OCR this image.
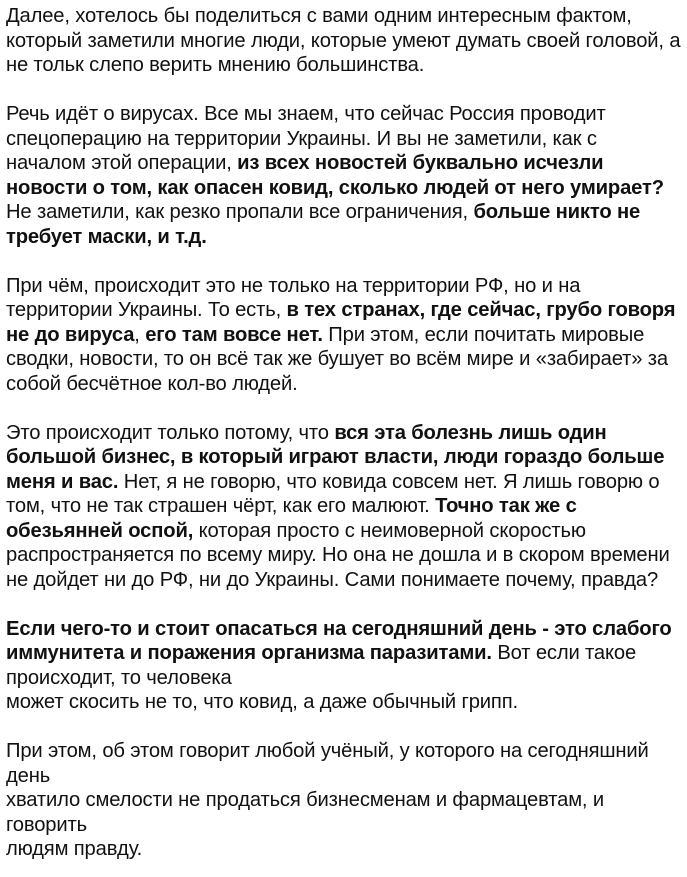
Далее, хотелось бы поделиться с вами одним интересным фактом, который заметили многие люди, которые умеют думать своей головой, а не тольк слепо верить мнению большинства.

Речь идёт о вирусах. Все мы знаем, что сейчас Россия проводит спецоперацию на территории Украины. И вы не заметили, как с началом этой операции, из всех новостей буквально исчезли новости о том, как опасен ковид, сколько людей от него умирает? Не заметили, как резко пропали все ограничения, больше никто не требует маски, и т.д.

При чём, происходит это не только на территории РФ, но и на территории Украины. То есть, в тех странах, где сейчас, грубо говоря не до вируса, его там вовсе нет. При этом, если почитать мировые сводки, новости, то он всё так же бушует во всём мире и «забирает» за собой бесчётное кол-во людей.

Это происходит только потому, что вся эта болезнь лишь один большой бизнес, в который играют власти, люди гораздо больше меня и вас. Нет, я не говорю, что ковида совсем нет. Я лишь говорю о том, что не так страшен чёрт, как его малюют. Точно так же с обезьянней оспой, которая просто с неимоверной скоростью распространяется по всему миру. Но она не дошла и в скором времени не дойдет ни до РФ, ни до Украины. Сами понимаете почему, правда?

Если чего-то и стоит опасаться на сегодняшний день - это слабого иммунитета и поражения организма паразитами. Вот если такое происходит, то человека
может скосить не то, что ковид, а даже обычный грипп.

При этом, об этом говорит любой учёный, у которого на сегодняшний день
хватило смелости не продаться бизнесменам и фармацевтам, и говорить
людям правду.
